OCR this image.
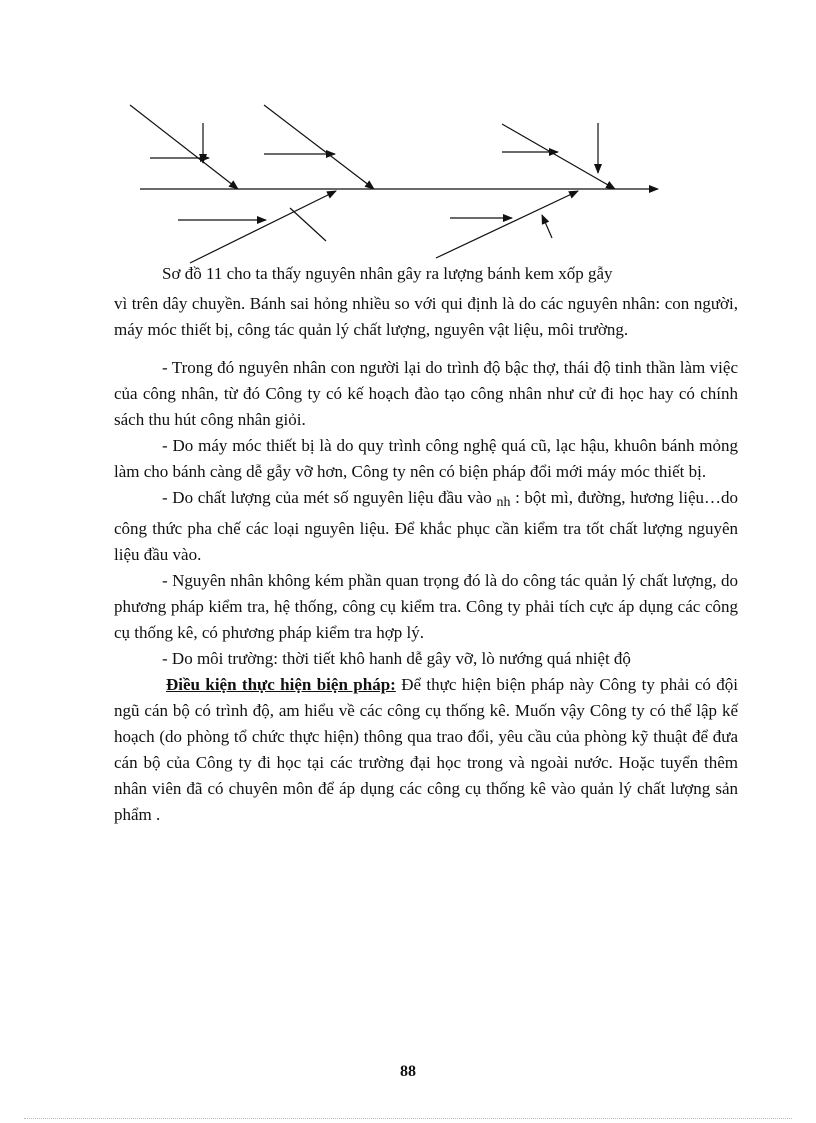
Sơ đồ 11 cho ta thấy nguyên nhân gây ra lượng bánh kem xốp gẫy

vì trên dây chuyền. Bánh sai hỏng nhiều so với qui định là do các nguyên nhân: con người, máy móc thiết bị, công tác quản lý chất lượng, nguyên vật liệu, môi trường.

- Trong đó nguyên nhân con người lại do trình độ bậc thợ, thái độ tinh thần làm việc của công nhân, từ đó Công ty có kế hoạch đào tạo công nhân như cử đi học hay có chính sách thu hút công nhân giỏi.

- Do máy móc thiết bị là do quy trình công nghệ quá cũ, lạc hậu, khuôn bánh mỏng làm cho bánh càng dễ gẫy vỡ hơn, Công ty nên có biện pháp đổi mới máy móc thiết bị.

- Do chất lượng của mét số nguyên liệu đầu vào $_{nh}$ : bột mì, đường, hương liệu…do công thức pha chế các loại nguyên liệu. Để khắc phục cần kiểm tra tốt chất lượng nguyên liệu đầu vào.

- Nguyên nhân không kém phần quan trọng đó là do công tác quản lý chất lượng, do phương pháp kiểm tra, hệ thống, công cụ kiểm tra. Công ty phải tích cực áp dụng các công cụ thống kê, có phương pháp kiểm tra hợp lý.

- Do môi trường: thời tiết khô hanh dễ gây vỡ, lò nướng quá nhiệt độ

Điều kiện thực hiện biện pháp: Để thực hiện biện pháp này Công ty phải có đội ngũ cán bộ có trình độ, am hiểu về các công cụ thống kê. Muốn vậy Công ty có thể lập kế hoạch (do phòng tổ chức thực hiện) thông qua trao đổi, yêu cầu của phòng kỹ thuật để đưa cán bộ của Công ty đi học tại các trường đại học trong và ngoài nước. Hoặc tuyển thêm nhân viên đã có chuyên môn để áp dụng các công cụ thống kê vào quản lý chất lượng sản phẩm .

88
